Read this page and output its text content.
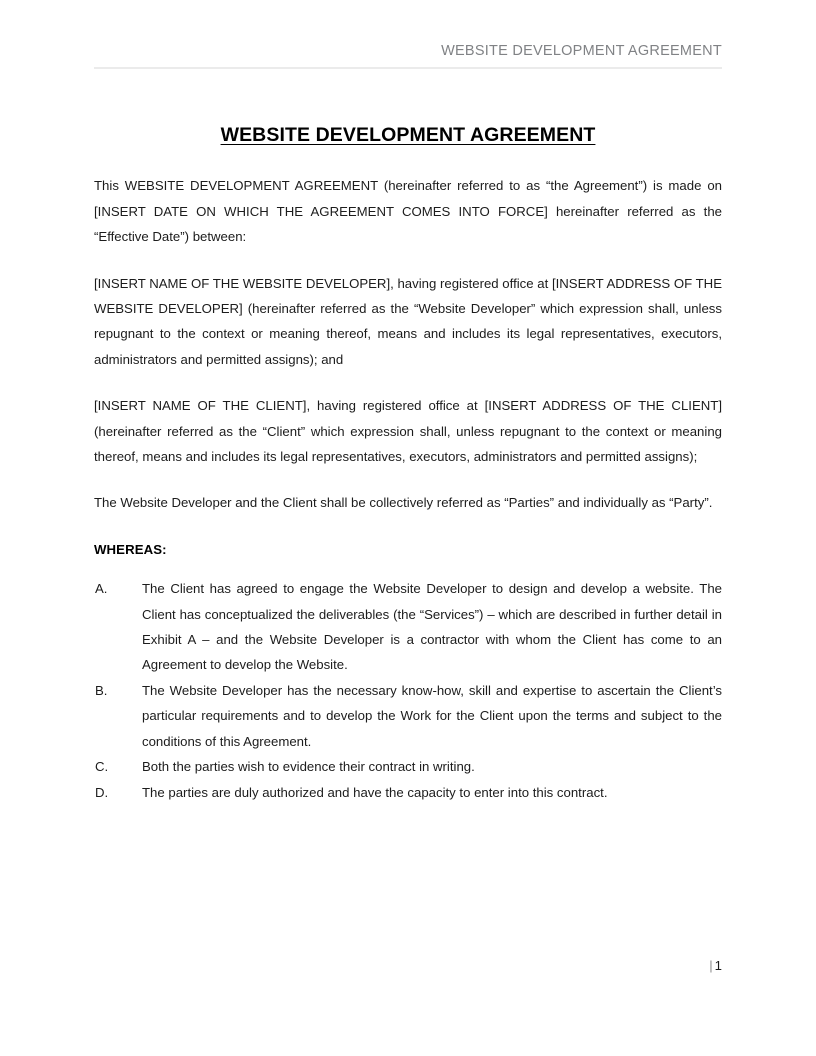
WEBSITE DEVELOPMENT AGREEMENT
WEBSITE DEVELOPMENT AGREEMENT

This WEBSITE DEVELOPMENT AGREEMENT (hereinafter referred to as “the Agreement”) is made on [INSERT DATE ON WHICH THE AGREEMENT COMES INTO FORCE] hereinafter referred as the “Effective Date”) between:

[INSERT NAME OF THE WEBSITE DEVELOPER], having registered office at [INSERT ADDRESS OF THE WEBSITE DEVELOPER] (hereinafter referred as the “Website Developer” which expression shall, unless repugnant to the context or meaning thereof, means and includes its legal representatives, executors, administrators and permitted assigns); and

[INSERT NAME OF THE CLIENT], having registered office at [INSERT ADDRESS OF THE CLIENT] (hereinafter referred as the “Client” which expression shall, unless repugnant to the context or meaning thereof, means and includes its legal representatives, executors, administrators and permitted assigns);

The Website Developer and the Client shall be collectively referred as “Parties” and individually as “Party”.

WHEREAS:
A.	The Client has agreed to engage the Website Developer to design and develop a website. The Client has conceptualized the deliverables (the “Services”) – which are described in further detail in Exhibit A – and the Website Developer is a contractor with whom the Client has come to an Agreement to develop the Website.
B.	The Website Developer has the necessary know-how, skill and expertise to ascertain the Client’s particular requirements and to develop the Work for the Client upon the terms and subject to the conditions of this Agreement.
C.	Both the parties wish to evidence their contract in writing.
D.	The parties are duly authorized and have the capacity to enter into this contract.
| 1
